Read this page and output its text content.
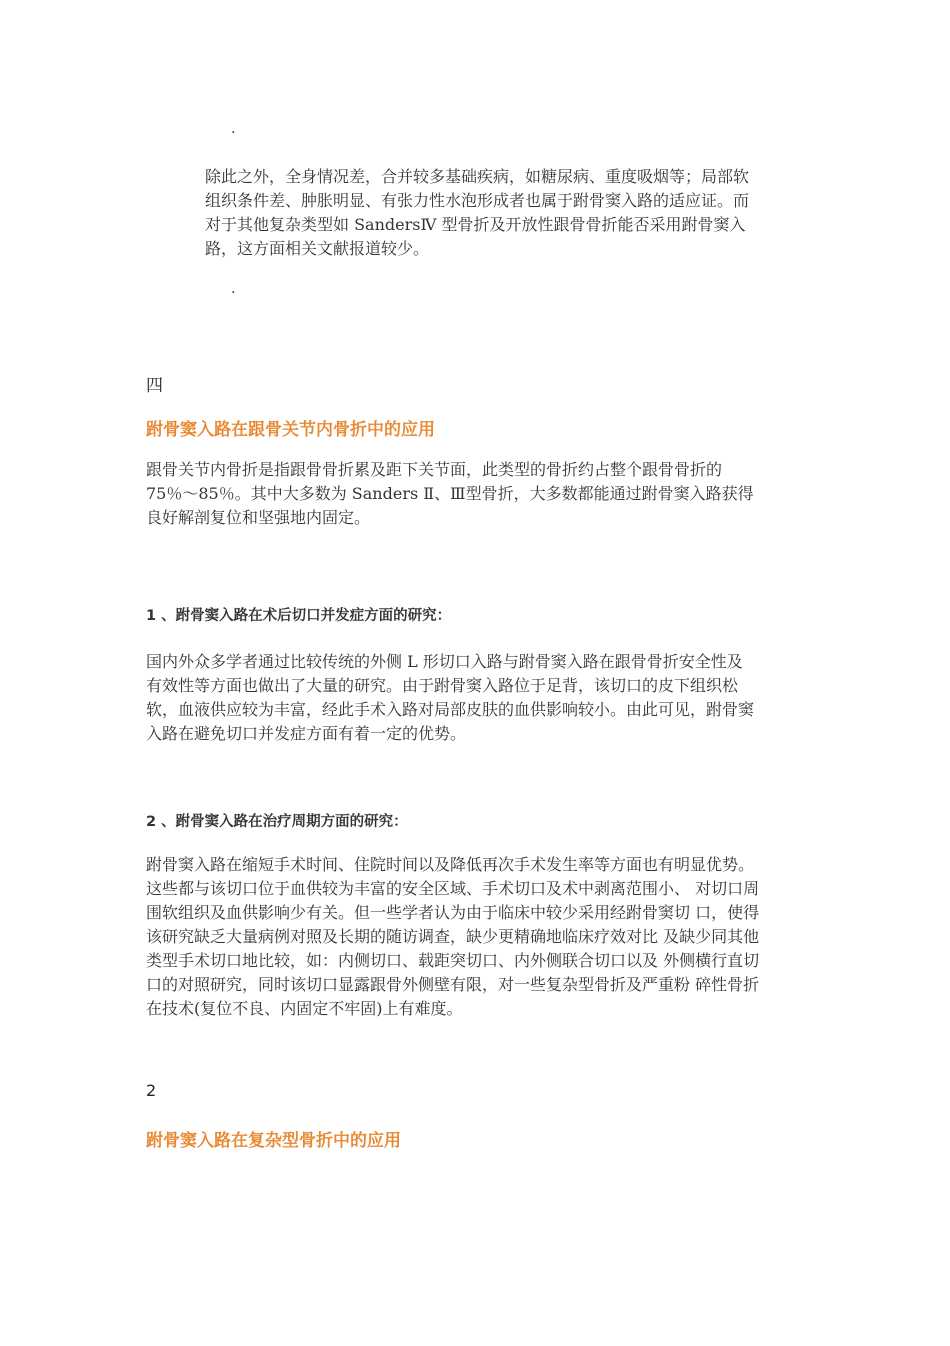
.
除此之外，全身情况差，合并较多基础疾病，如糖尿病、重度吸烟等；局部软
组织条件差、肿胀明显、有张力性水泡形成者也属于跗骨窦入路的适应证。而
对于其他复杂类型如 SandersⅣ 型骨折及开放性跟骨骨折能否采用跗骨窦入
路，这方面相关文献报道较少。
.
四
跗骨窦入路在跟骨关节内骨折中的应用
跟骨关节内骨折是指跟骨骨折累及距下关节面，此类型的骨折约占整个跟骨骨折的
75％～85％。其中大多数为 Sanders Ⅱ、Ⅲ型骨折，大多数都能通过跗骨窦入路获得
良好解剖复位和坚强地内固定。
1 、跗骨窦入路在术后切口并发症方面的研究：
国内外众多学者通过比较传统的外侧 L 形切口入路与跗骨窦入路在跟骨骨折安全性及
有效性等方面也做出了大量的研究。由于跗骨窦入路位于足背，该切口的皮下组织松
软，血液供应较为丰富，经此手术入路对局部皮肤的血供影响较小。由此可见，跗骨窦
入路在避免切口并发症方面有着一定的优势。
2 、跗骨窦入路在治疗周期方面的研究：
跗骨窦入路在缩短手术时间、住院时间以及降低再次手术发生率等方面也有明显优势。
这些都与该切口位于血供较为丰富的安全区域、手术切口及术中剥离范围小、 对切口周
围软组织及血供影响少有关。但一些学者认为由于临床中较少采用经跗骨窦切 口，使得
该研究缺乏大量病例对照及长期的随访调查，缺少更精确地临床疗效对比 及缺少同其他
类型手术切口地比较，如：内侧切口、载距突切口、内外侧联合切口以及 外侧横行直切
口的对照研究，同时该切口显露跟骨外侧壁有限，对一些复杂型骨折及严重粉 碎性骨折
在技术(复位不良、内固定不牢固)上有难度。
2
跗骨窦入路在复杂型骨折中的应用
